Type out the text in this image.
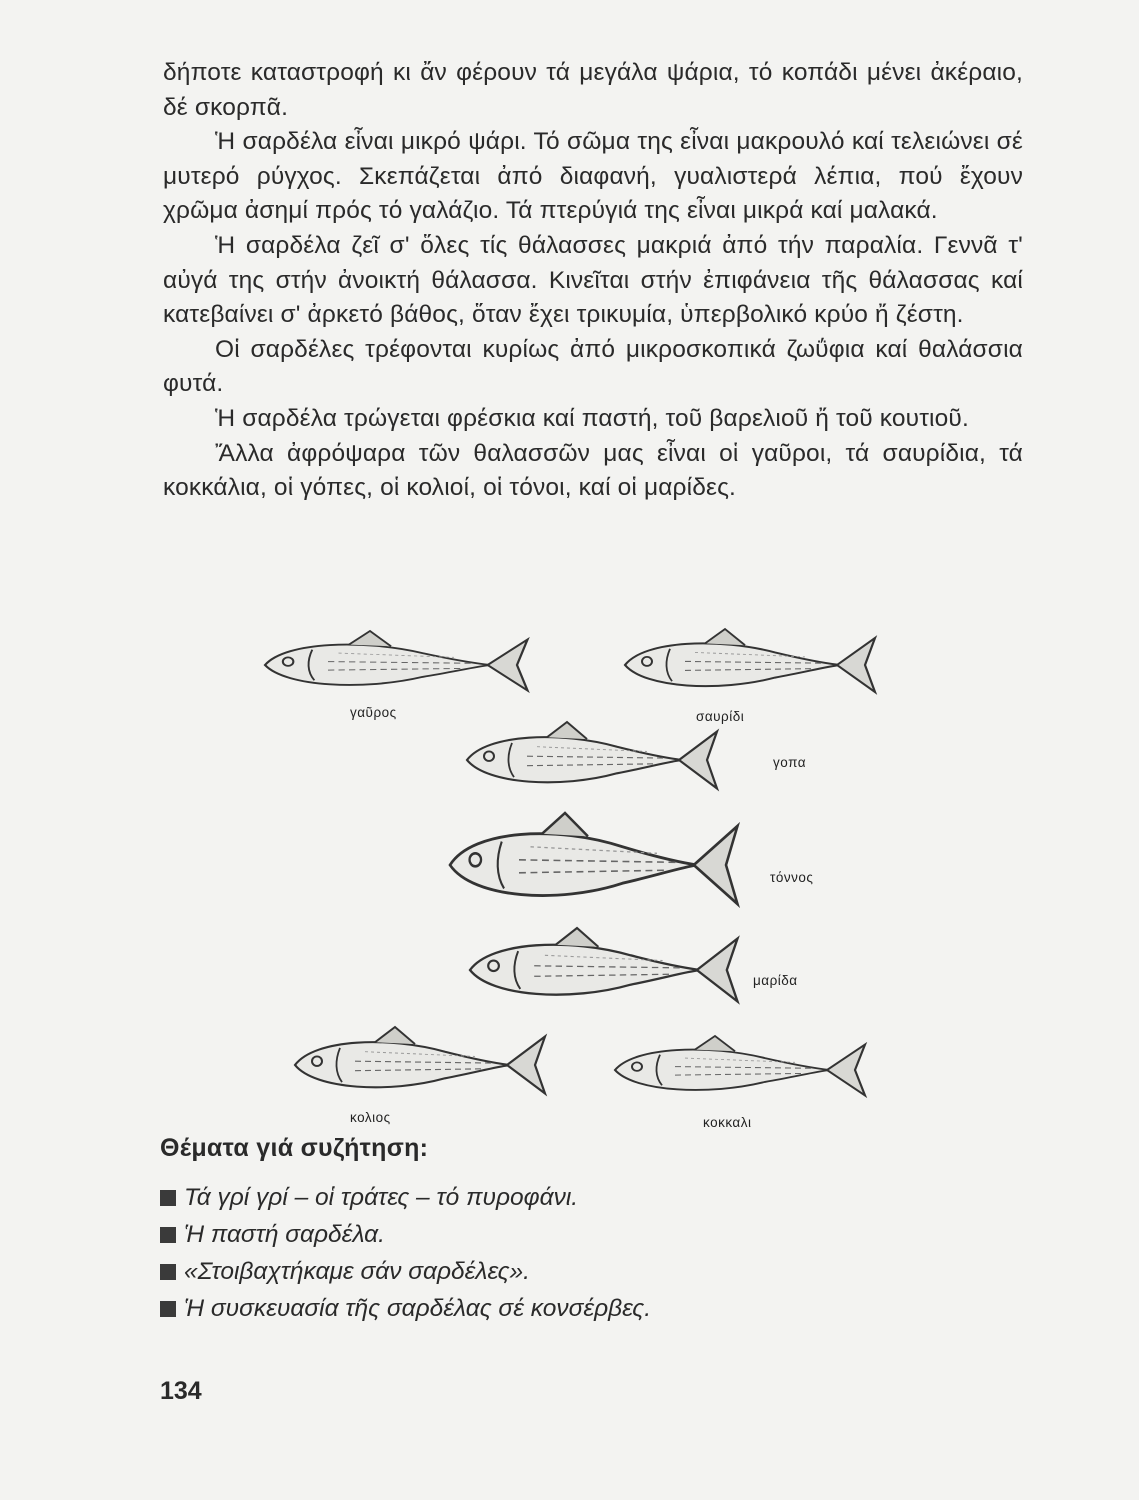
δήποτε καταστροφή κι ἄν φέρουν τά μεγάλα ψάρια, τό κοπάδι μένει ἀκέραιο, δέ σκορπᾶ.

Ἡ σαρδέλα εἶναι μικρό ψάρι. Τό σῶμα της εἶναι μακρουλό καί τελειώνει σέ μυτερό ρύγχος. Σκεπάζεται ἀπό διαφανή, γυαλιστερά λέπια, πού ἔχουν χρῶμα ἀσημί πρός τό γαλάζιο. Τά πτερύγιά της εἶναι μικρά καί μαλακά.

Ἡ σαρδέλα ζεῖ σ' ὅλες τίς θάλασσες μακριά ἀπό τήν παραλία. Γεννᾶ τ' αὐγά της στήν ἀνοικτή θάλασσα. Κινεῖται στήν ἐπιφάνεια τῆς θάλασσας καί κατεβαίνει σ' ἀρκετό βάθος, ὅταν ἔχει τρικυμία, ὑπερβολικό κρύο ἤ ζέστη.

Οἱ σαρδέλες τρέφονται κυρίως ἀπό μικροσκοπικά ζωΰφια καί θαλάσσια φυτά.

Ἡ σαρδέλα τρώγεται φρέσκια καί παστή, τοῦ βαρελιοῦ ἤ τοῦ κουτιοῦ.

Ἄλλα ἀφρόψαρα τῶν θαλασσῶν μας εἶναι οἱ γαῦροι, τά σαυρίδια, τά κοκκάλια, οἱ γόπες, οἱ κολιοί, οἱ τόνοι, καί οἱ μαρίδες.

γαῦρος	σαυρίδι
γοπα
τόννος
μαρίδα
κολιος	κοκκαλι
Θέματα γιά συζήτηση:
Τά γρί γρί – οἱ τράτες – τό πυροφάνι.
Ἡ παστή σαρδέλα.
«Στοιβαχτήκαμε σάν σαρδέλες».
Ἡ συσκευασία τῆς σαρδέλας σέ κονσέρβες.
134
